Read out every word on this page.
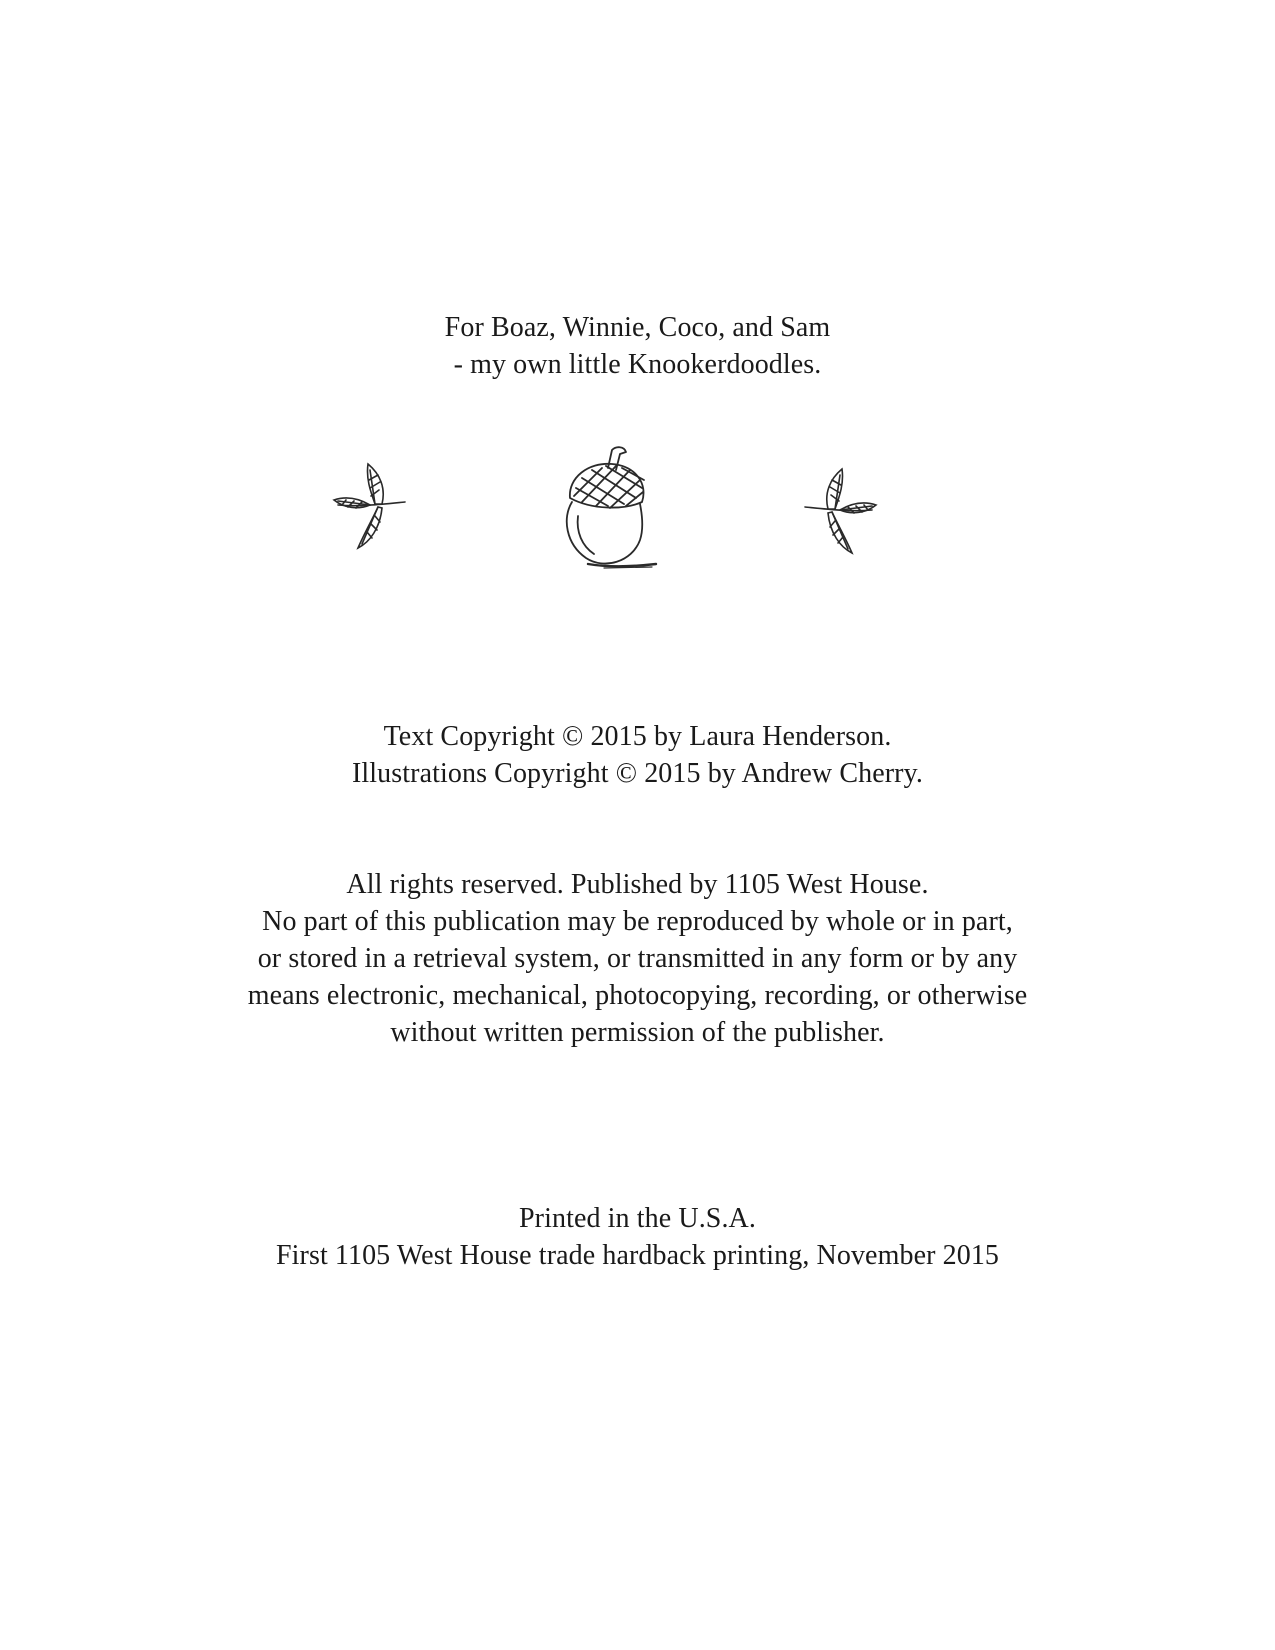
For Boaz, Winnie, Coco, and Sam
- my own little Knookerdoodles.
Text Copyright © 2015 by Laura Henderson.
Illustrations Copyright © 2015 by Andrew Cherry.
All rights reserved. Published by 1105 West House.
No part of this publication may be reproduced by whole or in part,
or stored in a retrieval system, or transmitted in any form or by any
means electronic, mechanical, photocopying, recording, or otherwise
without written permission of the publisher.
Printed in the U.S.A.
First 1105 West House trade hardback printing, November 2015
